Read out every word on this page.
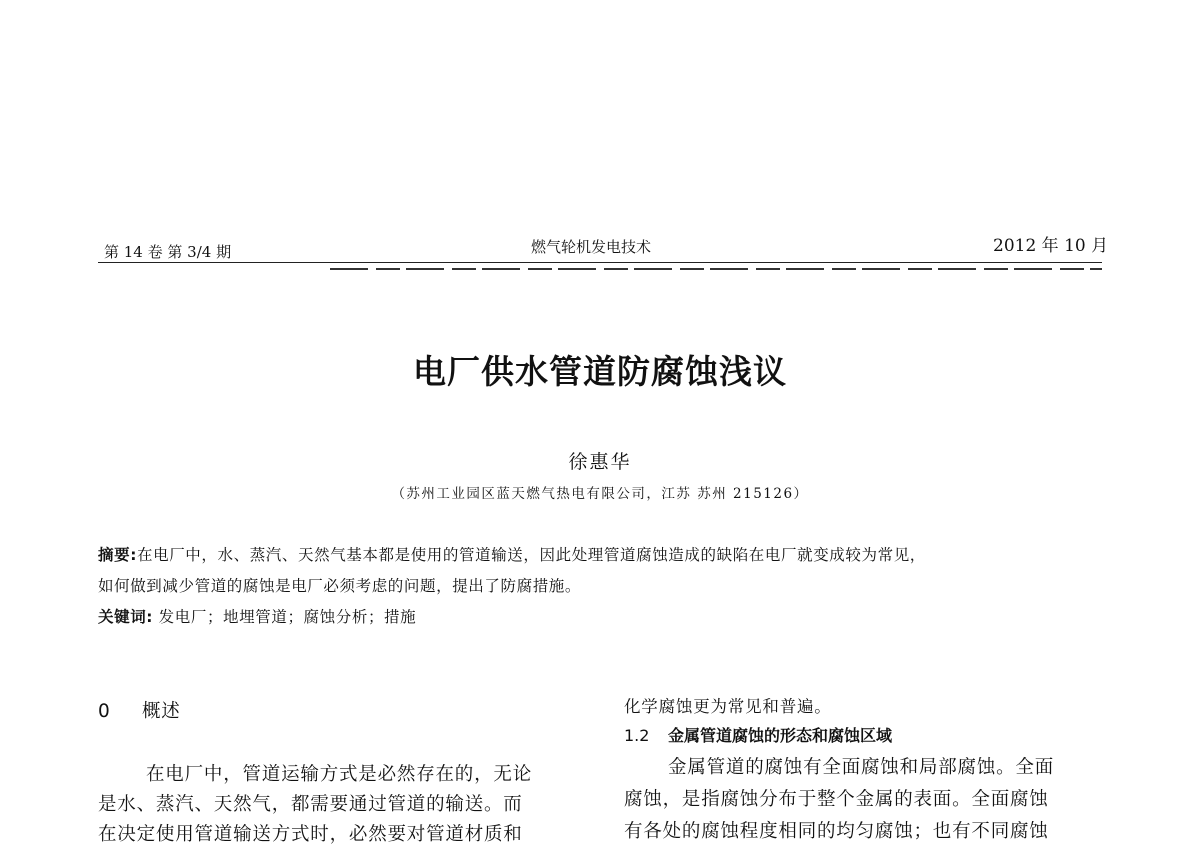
第 14 卷 第 3/4 期	燃气轮机发电技术	2012 年 10 月
电厂供水管道防腐蚀浅议
徐惠华
（苏州工业园区蓝天燃气热电有限公司，江苏 苏州 215126）
摘要:在电厂中，水、蒸汽、天然气基本都是使用的管道输送，因此处理管道腐蚀造成的缺陷在电厂就变成较为常见，
如何做到减少管道的腐蚀是电厂必须考虑的问题，提出了防腐措施。
关键词: 发电厂；地埋管道；腐蚀分析；措施
0 概述
在电厂中，管道运输方式是必然存在的，无论
是水、蒸汽、天然气，都需要通过管道的输送。而
在决定使用管道输送方式时，必然要对管道材质和
化学腐蚀更为常见和普遍。
1.2 金属管道腐蚀的形态和腐蚀区域
金属管道的腐蚀有全面腐蚀和局部腐蚀。全面
腐蚀，是指腐蚀分布于整个金属的表面。全面腐蚀
有各处的腐蚀程度相同的均匀腐蚀；也有不同腐蚀
